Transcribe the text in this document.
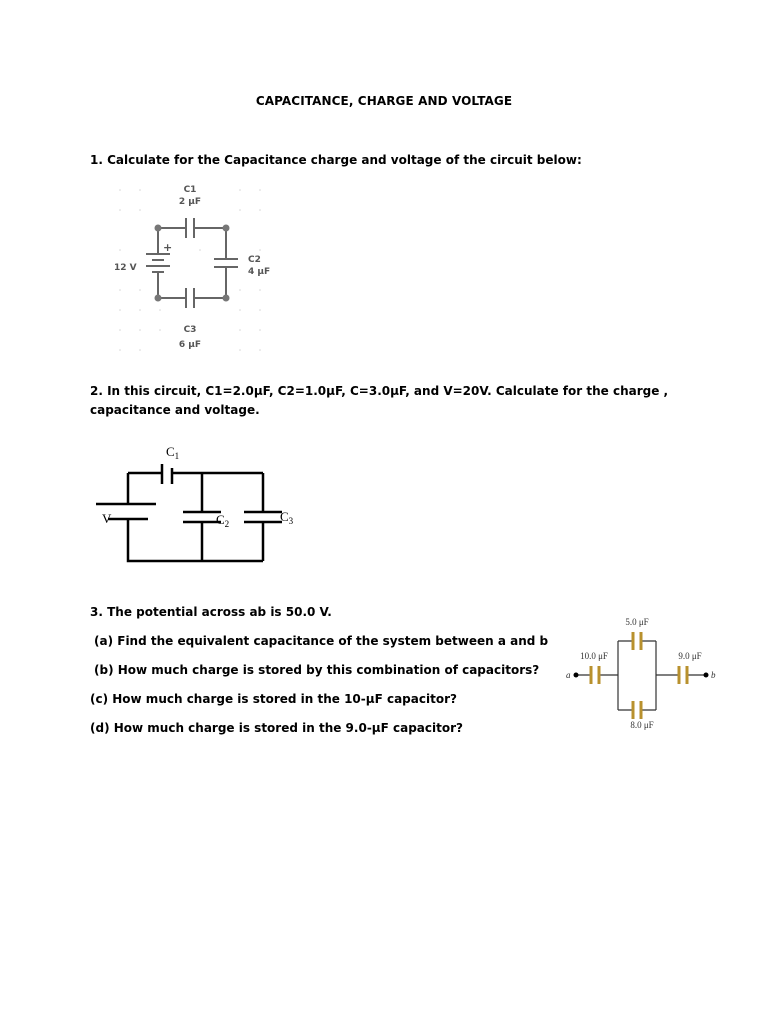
CAPACITANCE, CHARGE AND VOLTAGE
1. Calculate for the Capacitance charge and voltage of the circuit below:
C1
2 μF
C2
4 μF
C3
6 μF
12 V
+
2. In this circuit, C1=2.0μF, C2=1.0μF, C=3.0μF, and V=20V. Calculate for the charge ,
capacitance and voltage.
$C_1$
V	$C_2$	$C_3$
3. The potential across ab is 50.0 V.
(a) Find the equivalent capacitance of the system between a and b
(b) How much charge is stored by this combination of capacitors?
(c) How much charge is stored in the 10-μF capacitor?
(d) How much charge is stored in the 9.0-μF capacitor?
5.0 μF
10.0 μF	9.0 μF
8.0 μF
a	b
